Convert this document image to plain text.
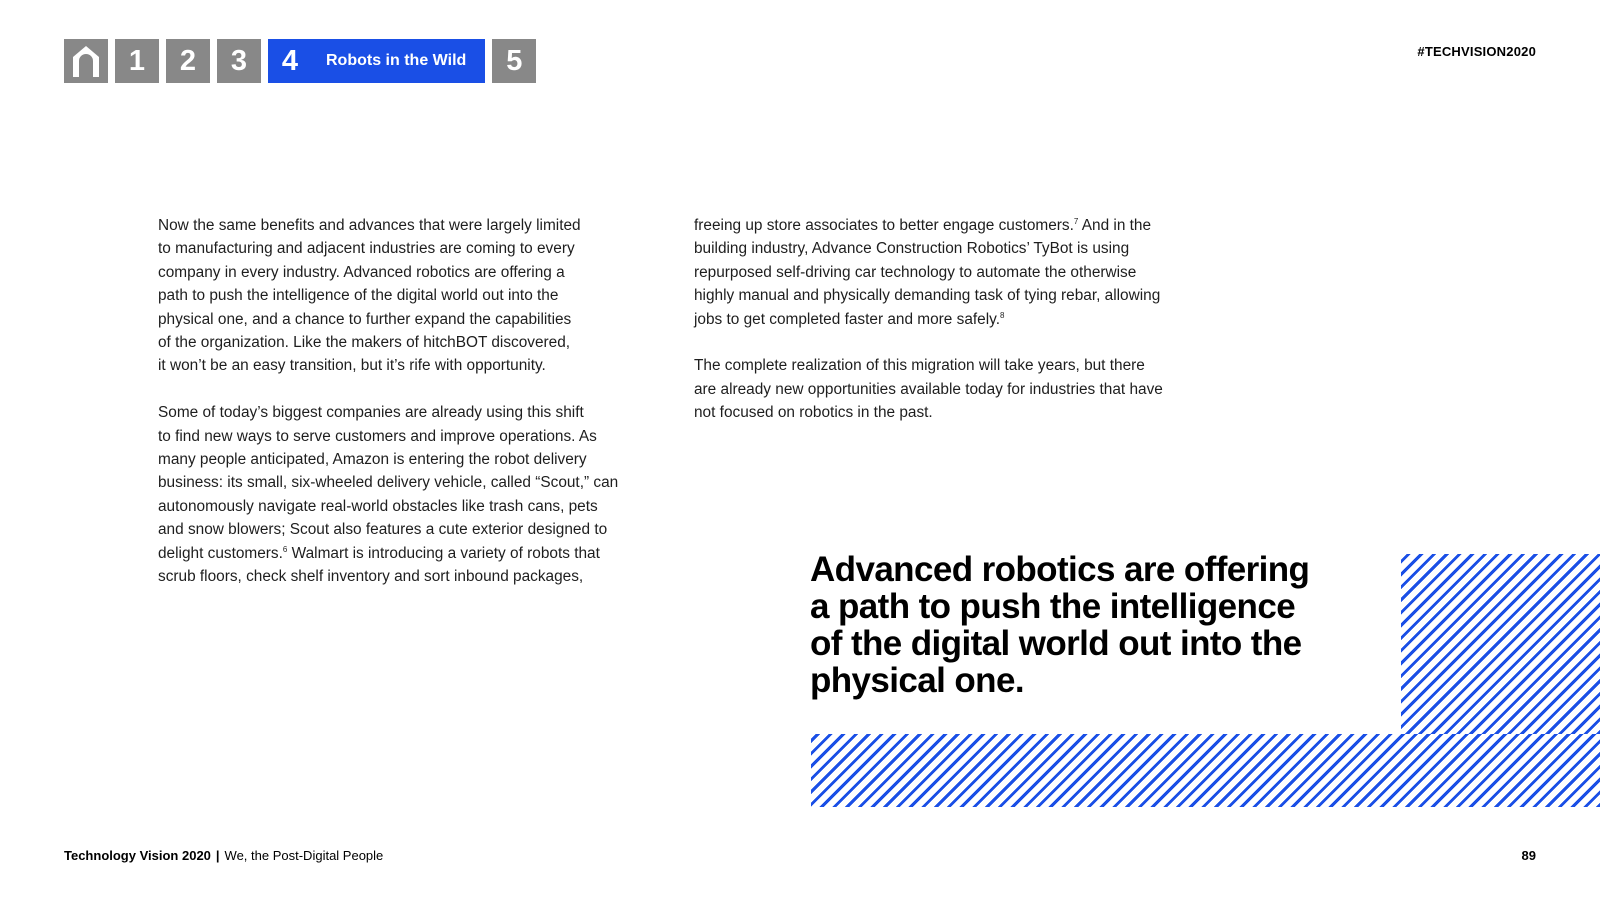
1	2	3	4 Robots in the Wild	5	#TECHVISION2020

Now the same benefits and advances that were largely limited
to manufacturing and adjacent industries are coming to every
company in every industry. Advanced robotics are offering a
path to push the intelligence of the digital world out into the
physical one, and a chance to further expand the capabilities
of the organization. Like the makers of hitchBOT discovered,
it won’t be an easy transition, but it’s rife with opportunity.

Some of today’s biggest companies are already using this shift
to find new ways to serve customers and improve operations. As
many people anticipated, Amazon is entering the robot delivery
business: its small, six-wheeled delivery vehicle, called “Scout,” can
autonomously navigate real-world obstacles like trash cans, pets
and snow blowers; Scout also features a cute exterior designed to
delight customers.$^6$ Walmart is introducing a variety of robots that
scrub floors, check shelf inventory and sort inbound packages,

freeing up store associates to better engage customers.$^7$ And in the
building industry, Advance Construction Robotics’ TyBot is using
repurposed self-driving car technology to automate the otherwise
highly manual and physically demanding task of tying rebar, allowing
jobs to get completed faster and more safely.$^8$

The complete realization of this migration will take years, but there
are already new opportunities available today for industries that have
not focused on robotics in the past.

Advanced robotics are offering
a path to push the intelligence
of the digital world out into the
physical one.
Technology Vision 2020 | We, the Post-Digital People	89
